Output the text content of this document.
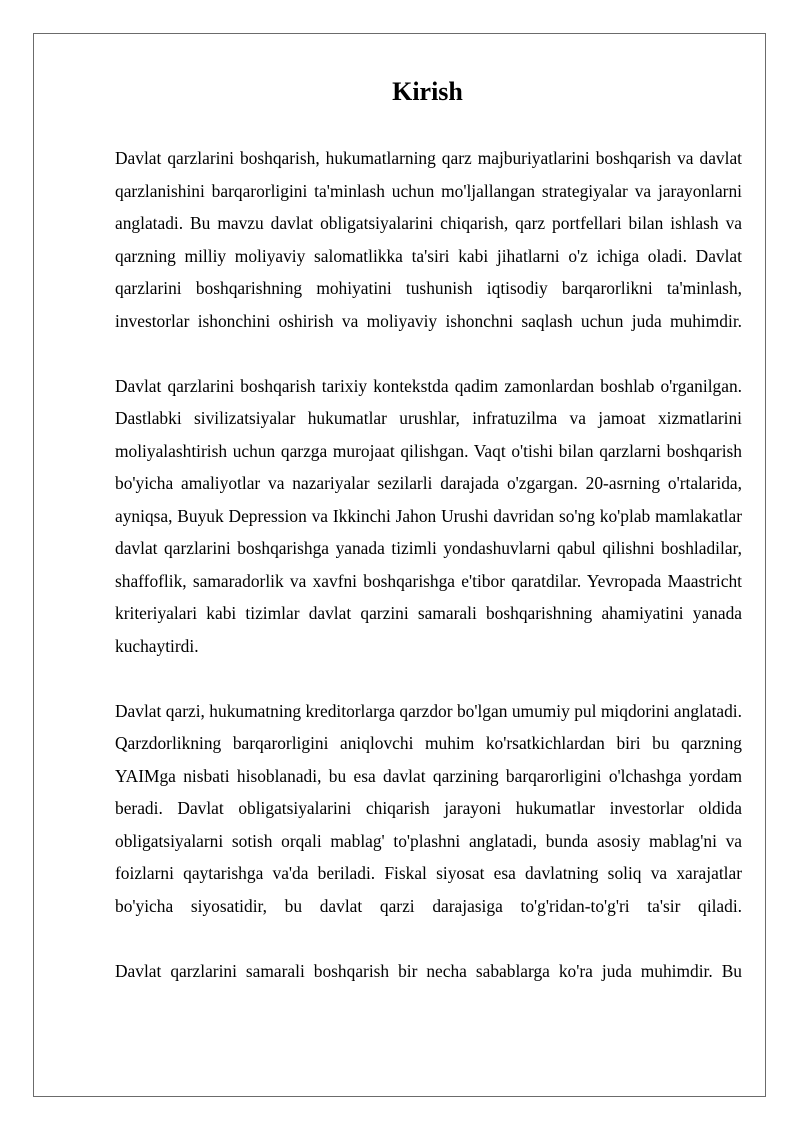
Kirish

Davlat qarzlarini boshqarish, hukumatlarning qarz majburiyatlarini boshqarish va davlat qarzlanishini barqarorligini ta'minlash uchun mo'ljallangan strategiyalar va jarayonlarni anglatadi. Bu mavzu davlat obligatsiyalarini chiqarish, qarz portfellari bilan ishlash va qarzning milliy moliyaviy salomatlikka ta'siri kabi jihatlarni o'z ichiga oladi. Davlat qarzlarini boshqarishning mohiyatini tushunish iqtisodiy barqarorlikni ta'minlash, investorlar ishonchini oshirish va moliyaviy ishonchni saqlash uchun juda muhimdir.

Davlat qarzlarini boshqarish tarixiy kontekstda qadim zamonlardan boshlab o'rganilgan. Dastlabki sivilizatsiyalar hukumatlar urushlar, infratuzilma va jamoat xizmatlarini moliyalashtirish uchun qarzga murojaat qilishgan. Vaqt o'tishi bilan qarzlarni boshqarish bo'yicha amaliyotlar va nazariyalar sezilarli darajada o'zgargan. 20-asrning o'rtalarida, ayniqsa, Buyuk Depression va Ikkinchi Jahon Urushi davridan so'ng ko'plab mamlakatlar davlat qarzlarini boshqarishga yanada tizimli yondashuvlarni qabul qilishni boshladilar, shaffoflik, samaradorlik va xavfni boshqarishga e'tibor qaratdilar. Yevropada Maastricht kriteriyalari kabi tizimlar davlat qarzini samarali boshqarishning ahamiyatini yanada kuchaytirdi.

Davlat qarzi, hukumatning kreditorlarga qarzdor bo'lgan umumiy pul miqdorini anglatadi. Qarzdorlikning barqarorligini aniqlovchi muhim ko'rsatkichlardan biri bu qarzning YAIMga nisbati hisoblanadi, bu esa davlat qarzining barqarorligini o'lchashga yordam beradi. Davlat obligatsiyalarini chiqarish jarayoni hukumatlar investorlar oldida obligatsiyalarni sotish orqali mablag' to'plashni anglatadi, bunda asosiy mablag'ni va foizlarni qaytarishga va'da beriladi. Fiskal siyosat esa davlatning soliq va xarajatlar bo'yicha siyosatidir, bu davlat qarzi darajasiga to'g'ridan-to'g'ri ta'sir qiladi.

Davlat qarzlarini samarali boshqarish bir necha sabablarga ko'ra juda muhimdir. Bu
